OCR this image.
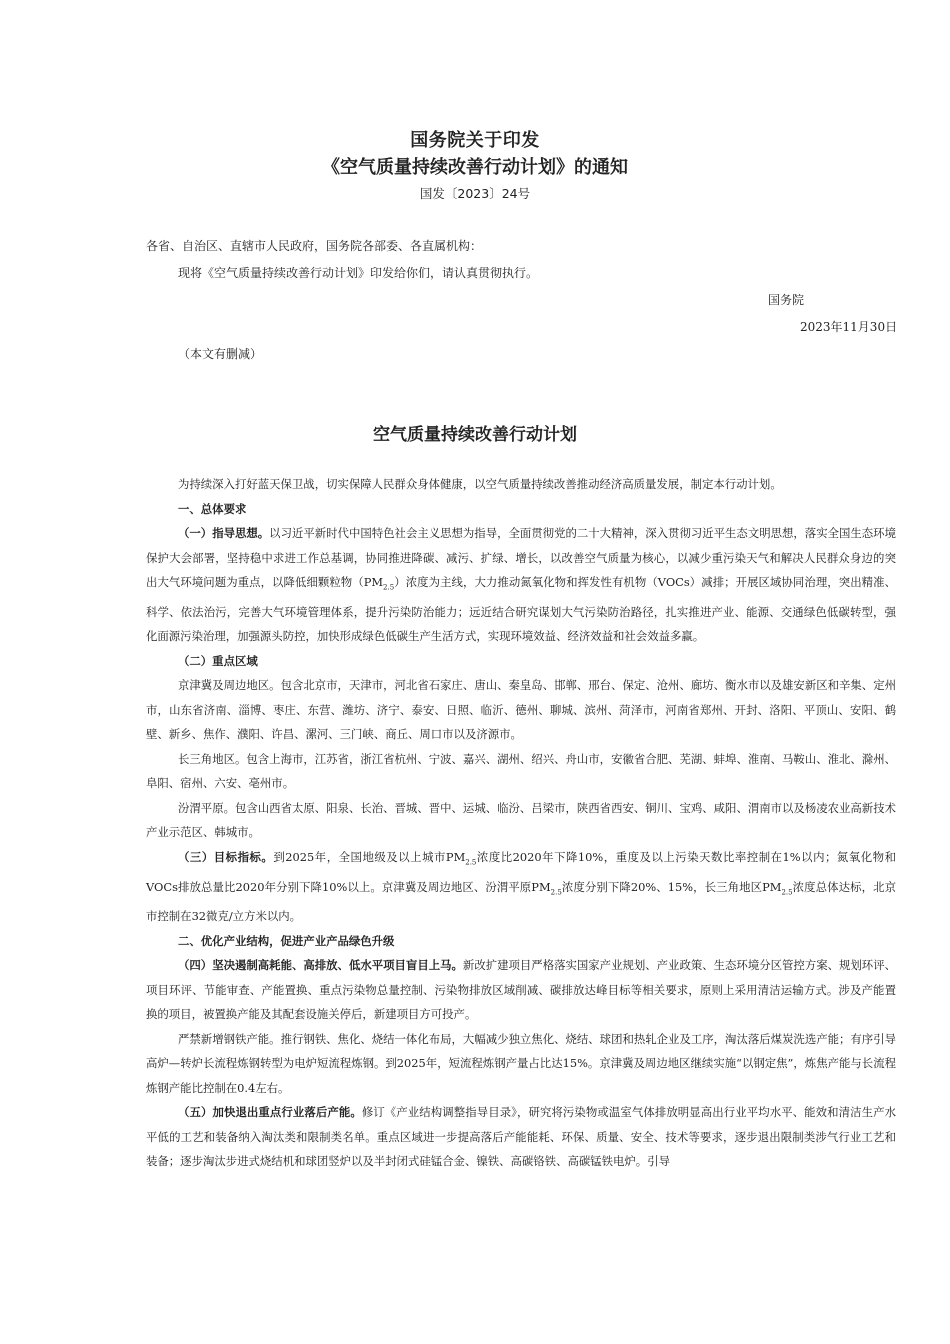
国务院关于印发
《空气质量持续改善行动计划》的通知
国发〔2023〕24号
各省、自治区、直辖市人民政府，国务院各部委、各直属机构：
现将《空气质量持续改善行动计划》印发给你们，请认真贯彻执行。
国务院
2023年11月30日
（本文有删减）
空气质量持续改善行动计划

为持续深入打好蓝天保卫战，切实保障人民群众身体健康，以空气质量持续改善推动经济高质量发展，制定本行动计划。

一、总体要求

（一）指导思想。以习近平新时代中国特色社会主义思想为指导，全面贯彻党的二十大精神，深入贯彻习近平生态文明思想，落实全国生态环境保护大会部署，坚持稳中求进工作总基调，协同推进降碳、减污、扩绿、增长，以改善空气质量为核心，以减少重污染天气和解决人民群众身边的突出大气环境问题为重点，以降低细颗粒物$(PM_{2.5})$浓度为主线，大力推动氮氧化物和挥发性有机物（VOCs）减排；开展区域协同治理，突出精准、科学、依法治污，完善大气环境管理体系，提升污染防治能力；远近结合研究谋划大气污染防治路径，扎实推进产业、能源、交通绿色低碳转型，强化面源污染治理，加强源头防控，加快形成绿色低碳生产生活方式，实现环境效益、经济效益和社会效益多赢。

（二）重点区域

京津冀及周边地区。包含北京市，天津市，河北省石家庄、唐山、秦皇岛、邯郸、邢台、保定、沧州、廊坊、衡水市以及雄安新区和辛集、定州市，山东省济南、淄博、枣庄、东营、潍坊、济宁、泰安、日照、临沂、德州、聊城、滨州、菏泽市，河南省郑州、开封、洛阳、平顶山、安阳、鹤壁、新乡、焦作、濮阳、许昌、漯河、三门峡、商丘、周口市以及济源市。

长三角地区。包含上海市，江苏省，浙江省杭州、宁波、嘉兴、湖州、绍兴、舟山市，安徽省合肥、芜湖、蚌埠、淮南、马鞍山、淮北、滁州、阜阳、宿州、六安、亳州市。

汾渭平原。包含山西省太原、阳泉、长治、晋城、晋中、运城、临汾、吕梁市，陕西省西安、铜川、宝鸡、咸阳、渭南市以及杨凌农业高新技术产业示范区、韩城市。

（三）目标指标。到2025年，全国地级及以上城市$PM_{2.5}$浓度比2020年下降10%，重度及以上污染天数比率控制在1%以内；氮氧化物和VOCs排放总量比2020年分别下降10%以上。京津冀及周边地区、汾渭平原$PM_{2.5}$浓度分别下降20%、15%，长三角地区$PM_{2.5}$浓度总体达标，北京市控制在32微克/立方米以内。

二、优化产业结构，促进产业产品绿色升级

（四）坚决遏制高耗能、高排放、低水平项目盲目上马。新改扩建项目严格落实国家产业规划、产业政策、生态环境分区管控方案、规划环评、项目环评、节能审查、产能置换、重点污染物总量控制、污染物排放区域削减、碳排放达峰目标等相关要求，原则上采用清洁运输方式。涉及产能置换的项目，被置换产能及其配套设施关停后，新建项目方可投产。

严禁新增钢铁产能。推行钢铁、焦化、烧结一体化布局，大幅减少独立焦化、烧结、球团和热轧企业及工序，淘汰落后煤炭洗选产能；有序引导高炉—转炉长流程炼钢转型为电炉短流程炼钢。到2025年，短流程炼钢产量占比达15%。京津冀及周边地区继续实施“以钢定焦”，炼焦产能与长流程炼钢产能比控制在0.4左右。

（五）加快退出重点行业落后产能。修订《产业结构调整指导目录》，研究将污染物或温室气体排放明显高出行业平均水平、能效和清洁生产水平低的工艺和装备纳入淘汰类和限制类名单。重点区域进一步提高落后产能能耗、环保、质量、安全、技术等要求，逐步退出限制类涉气行业工艺和装备；逐步淘汰步进式烧结机和球团竖炉以及半封闭式硅锰合金、镍铁、高碳铬铁、高碳锰铁电炉。引导
